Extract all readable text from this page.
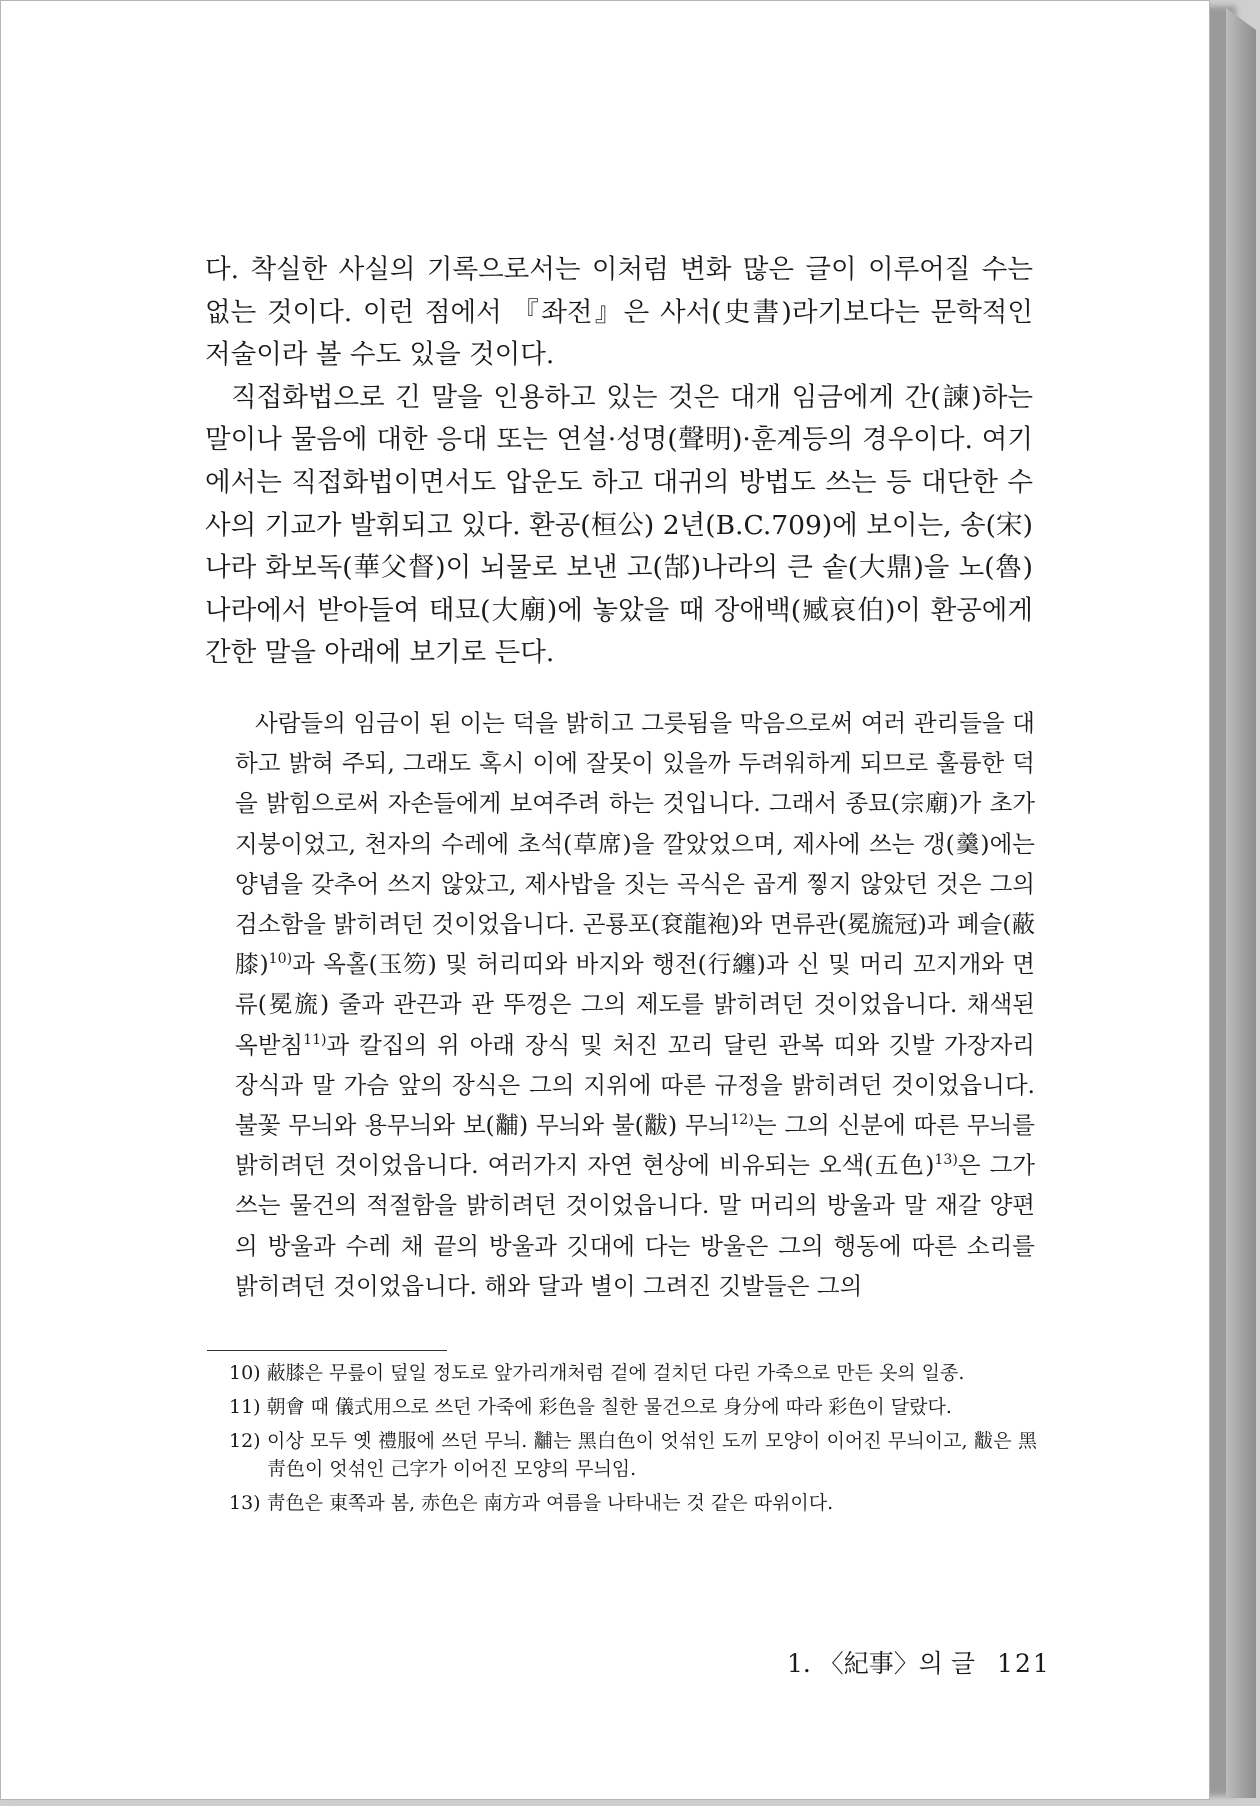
다. 착실한 사실의 기록으로서는 이처럼 변화 많은 글이 이루어질 수는 없는 것이다. 이런 점에서 『좌전』은 사서(史書)라기보다는 문학적인 저술이라 볼 수도 있을 것이다.

직접화법으로 긴 말을 인용하고 있는 것은 대개 임금에게 간(諫)하는 말이나 물음에 대한 응대 또는 연설·성명(聲明)·훈계등의 경우이다. 여기에서는 직접화법이면서도 압운도 하고 대귀의 방법도 쓰는 등 대단한 수사의 기교가 발휘되고 있다. 환공(桓公) 2년(B.C.709)에 보이는, 송(宋)나라 화보독(華父督)이 뇌물로 보낸 고(郜)나라의 큰 솥(大鼎)을 노(魯)나라에서 받아들여 태묘(大廟)에 놓았을 때 장애백(臧哀伯)이 환공에게 간한 말을 아래에 보기로 든다.

사람들의 임금이 된 이는 덕을 밝히고 그릇됨을 막음으로써 여러 관리들을 대하고 밝혀 주되, 그래도 혹시 이에 잘못이 있을까 두려워하게 되므로 훌륭한 덕을 밝힘으로써 자손들에게 보여주려 하는 것입니다. 그래서 종묘(宗廟)가 초가 지붕이었고, 천자의 수레에 초석(草席)을 깔았었으며, 제사에 쓰는 갱(羹)에는 양념을 갖추어 쓰지 않았고, 제사밥을 짓는 곡식은 곱게 찧지 않았던 것은 그의 검소함을 밝히려던 것이었읍니다. 곤룡포(袞龍袍)와 면류관(冕旒冠)과 폐슬(蔽膝)$^{10)}$과 옥홀(玉笏) 및 허리띠와 바지와 행전(行纏)과 신 및 머리 꼬지개와 면류(冕旒) 줄과 관끈과 관 뚜껑은 그의 제도를 밝히려던 것이었읍니다. 채색된 옥받침$^{11)}$과 칼집의 위 아래 장식 및 처진 꼬리 달린 관복 띠와 깃발 가장자리 장식과 말 가슴 앞의 장식은 그의 지위에 따른 규정을 밝히려던 것이었읍니다. 불꽃 무늬와 용무늬와 보(黼) 무늬와 불(黻) 무늬$^{12)}$는 그의 신분에 따른 무늬를 밝히려던 것이었읍니다. 여러가지 자연 현상에 비유되는 오색(五色)$^{13)}$은 그가 쓰는 물건의 적절함을 밝히려던 것이었읍니다. 말 머리의 방울과 말 재갈 양편의 방울과 수레 채 끝의 방울과 깃대에 다는 방울은 그의 행동에 따른 소리를 밝히려던 것이었읍니다. 해와 달과 별이 그려진 깃발들은 그의

10) 蔽膝은 무릎이 덮일 정도로 앞가리개처럼 겉에 걸치던 다린 가죽으로 만든 옷의 일종.

11) 朝會 때 儀式用으로 쓰던 가죽에 彩色을 칠한 물건으로 身分에 따라 彩色이 달랐다.

12) 이상 모두 옛 禮服에 쓰던 무늬. 黼는 黑白色이 엇섞인 도끼 모양이 이어진 무늬이고, 黻은 黑靑色이 엇섞인 己字가 이어진 모양의 무늬임.

13) 靑色은 東쪽과 봄, 赤色은 南方과 여름을 나타내는 것 같은 따위이다.

1. 〈紀事〉의 글 121
